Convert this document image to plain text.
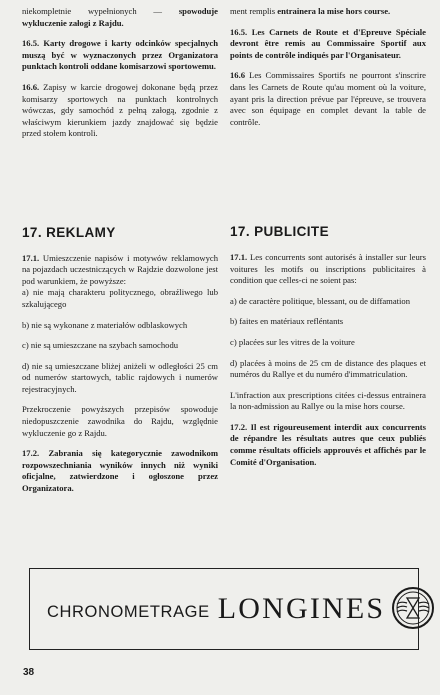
niekompletnie wypełnionych — spowoduje wykluczenie załogi z Rajdu.

16.5. Karty drogowe i karty odcinków specjalnych muszą być w wyznaczonych przez Organizatora punktach kontroli oddane komisarzowi sportowemu.

16.6. Zapisy w karcie drogowej dokonane będą przez komisarzy sportowych na punktach kontrolnych wówczas, gdy samochód z pełną załogą, zgodnie z właściwym kierunkiem jazdy znajdować się będzie przed stołem kontroli.

17. REKLAMY

17.1. Umieszczenie napisów i motywów reklamowych na pojazdach uczestniczących w Rajdzie dozwolone jest pod warunkiem, że powyższe:

a) nie mają charakteru politycznego, obraźliwego lub szkalującego

b) nie są wykonane z materiałów odblaskowych

c) nie są umieszczane na szybach samochodu

d) nie są umieszczane bliżej aniżeli w odległości 25 cm od numerów startowych, tablic rajdowych i numerów rejestracyjnych.

Przekroczenie powyższych przepisów spowoduje niedopuszczenie zawodnika do Rajdu, względnie wykluczenie go z Rajdu.

17.2. Zabrania się kategorycznie zawodnikom rozpowszechniania wyników innych niż wyniki oficjalne, zatwierdzone i ogłoszone przez Organizatora.

ment remplis entrainera la mise hors course.

16.5. Les Carnets de Route et d'Epreuve Spéciale devront être remis au Commissaire Sportif aux points de contrôle indiqués par l'Organisateur.

16.6 Les Commissaires Sportifs ne pourront s'inscrire dans les Carnets de Route qu'au moment où la voiture, ayant pris la direction prévue par l'épreuve, se trouvera avec son équipage en complet devant la table de contrôle.

17. PUBLICITE

17.1. Les concurrents sont autorisés à installer sur leurs voitures les motifs ou inscriptions publicitaires à condition que celles-ci ne soient pas:

a) de caractère politique, blessant, ou de diffamation

b) faites en matériaux refléntants

c) placées sur les vitres de la voiture

d) placées à moins de 25 cm de distance des plaques et numéros du Rallye et du numéro d'immatriculation.

L'infraction aux prescriptions citées ci-dessus entrainera la non-admission au Rallye ou la mise hors course.

17.2. Il est rigoureusement interdit aux concurrents de répandre les résultats autres que ceux publiés comme résultats officiels approuvés et affichés par le Comité d'Organisation.

CHRONOMETRAGE LONGINES
38
